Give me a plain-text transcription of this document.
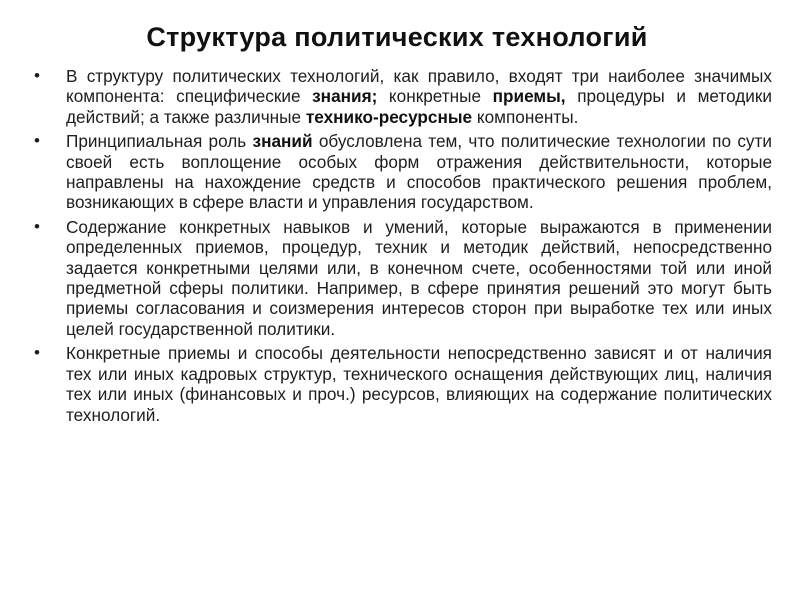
Структура политических технологий
• В структуру политических технологий, как правило, входят три наиболее значимых компонента: специфические знания; конкретные приемы, процедуры и методики действий; а также различные технико-ресурсные компоненты.
• Принципиальная роль знаний обусловлена тем, что политические технологии по сути своей есть воплощение особых форм отражения действительности, которые направлены на нахождение средств и способов практического решения проблем, возникающих в сфере власти и управления государством.
• Содержание конкретных навыков и умений, которые выражаются в применении определенных приемов, процедур, техник и методик действий, непосредственно задается конкретными целями или, в конечном счете, особенностями той или иной предметной сферы политики. Например, в сфере принятия решений это могут быть приемы согласования и соизмерения интересов сторон при выработке тех или иных целей государственной политики.
• Конкретные приемы и способы деятельности непосредственно зависят и от наличия тех или иных кадровых структур, технического оснащения действующих лиц, наличия тех или иных (финансовых и проч.) ресурсов, влияющих на содержание политических технологий.
